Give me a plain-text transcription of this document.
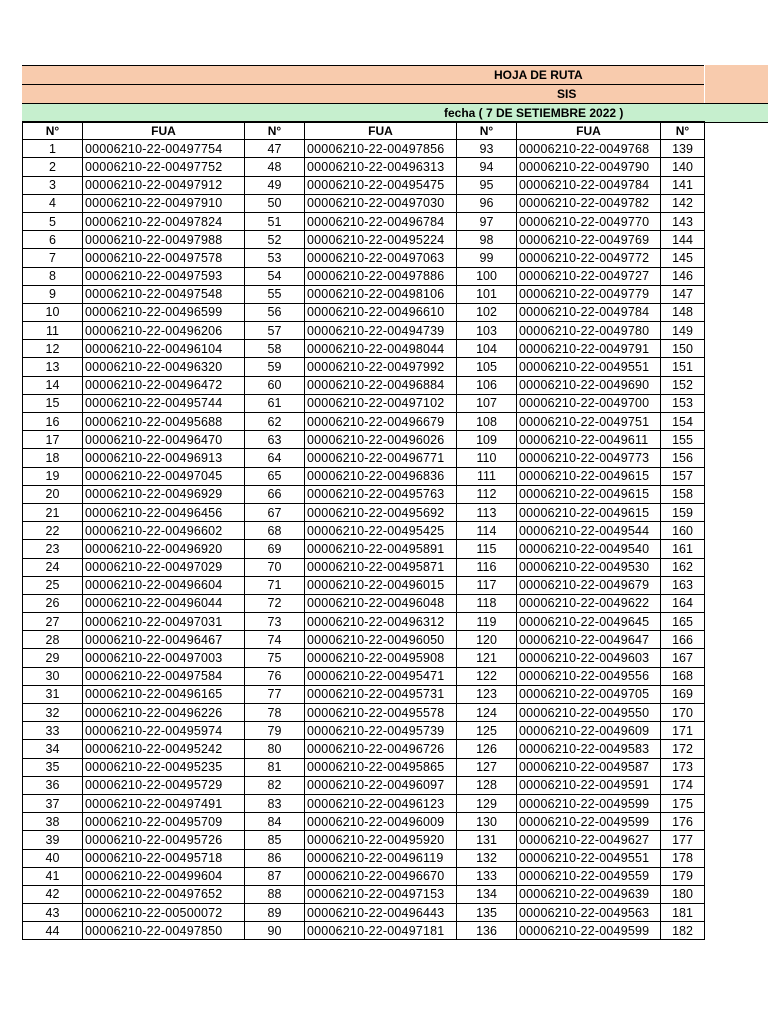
HOJA DE RUTA
SIS
fecha ( 7 DE SETIEMBRE 2022 )
N°	FUA	N°	FUA	N°	FUA	N°
1	00006210-22-00497754	47	00006210-22-00497856	93	00006210-22-0049768	139
2	00006210-22-00497752	48	00006210-22-00496313	94	00006210-22-0049790	140
3	00006210-22-00497912	49	00006210-22-00495475	95	00006210-22-0049784	141
4	00006210-22-00497910	50	00006210-22-00497030	96	00006210-22-0049782	142
5	00006210-22-00497824	51	00006210-22-00496784	97	00006210-22-0049770	143
6	00006210-22-00497988	52	00006210-22-00495224	98	00006210-22-0049769	144
7	00006210-22-00497578	53	00006210-22-00497063	99	00006210-22-0049772	145
8	00006210-22-00497593	54	00006210-22-00497886	100	00006210-22-0049727	146
9	00006210-22-00497548	55	00006210-22-00498106	101	00006210-22-0049779	147
10	00006210-22-00496599	56	00006210-22-00496610	102	00006210-22-0049784	148
11	00006210-22-00496206	57	00006210-22-00494739	103	00006210-22-0049780	149
12	00006210-22-00496104	58	00006210-22-00498044	104	00006210-22-0049791	150
13	00006210-22-00496320	59	00006210-22-00497992	105	00006210-22-0049551	151
14	00006210-22-00496472	60	00006210-22-00496884	106	00006210-22-0049690	152
15	00006210-22-00495744	61	00006210-22-00497102	107	00006210-22-0049700	153
16	00006210-22-00495688	62	00006210-22-00496679	108	00006210-22-0049751	154
17	00006210-22-00496470	63	00006210-22-00496026	109	00006210-22-0049611	155
18	00006210-22-00496913	64	00006210-22-00496771	110	00006210-22-0049773	156
19	00006210-22-00497045	65	00006210-22-00496836	111	00006210-22-0049615	157
20	00006210-22-00496929	66	00006210-22-00495763	112	00006210-22-0049615	158
21	00006210-22-00496456	67	00006210-22-00495692	113	00006210-22-0049615	159
22	00006210-22-00496602	68	00006210-22-00495425	114	00006210-22-0049544	160
23	00006210-22-00496920	69	00006210-22-00495891	115	00006210-22-0049540	161
24	00006210-22-00497029	70	00006210-22-00495871	116	00006210-22-0049530	162
25	00006210-22-00496604	71	00006210-22-00496015	117	00006210-22-0049679	163
26	00006210-22-00496044	72	00006210-22-00496048	118	00006210-22-0049622	164
27	00006210-22-00497031	73	00006210-22-00496312	119	00006210-22-0049645	165
28	00006210-22-00496467	74	00006210-22-00496050	120	00006210-22-0049647	166
29	00006210-22-00497003	75	00006210-22-00495908	121	00006210-22-0049603	167
30	00006210-22-00497584	76	00006210-22-00495471	122	00006210-22-0049556	168
31	00006210-22-00496165	77	00006210-22-00495731	123	00006210-22-0049705	169
32	00006210-22-00496226	78	00006210-22-00495578	124	00006210-22-0049550	170
33	00006210-22-00495974	79	00006210-22-00495739	125	00006210-22-0049609	171
34	00006210-22-00495242	80	00006210-22-00496726	126	00006210-22-0049583	172
35	00006210-22-00495235	81	00006210-22-00495865	127	00006210-22-0049587	173
36	00006210-22-00495729	82	00006210-22-00496097	128	00006210-22-0049591	174
37	00006210-22-00497491	83	00006210-22-00496123	129	00006210-22-0049599	175
38	00006210-22-00495709	84	00006210-22-00496009	130	00006210-22-0049599	176
39	00006210-22-00495726	85	00006210-22-00495920	131	00006210-22-0049627	177
40	00006210-22-00495718	86	00006210-22-00496119	132	00006210-22-0049551	178
41	00006210-22-00499604	87	00006210-22-00496670	133	00006210-22-0049559	179
42	00006210-22-00497652	88	00006210-22-00497153	134	00006210-22-0049639	180
43	00006210-22-00500072	89	00006210-22-00496443	135	00006210-22-0049563	181
44	00006210-22-00497850	90	00006210-22-00497181	136	00006210-22-0049599	182
